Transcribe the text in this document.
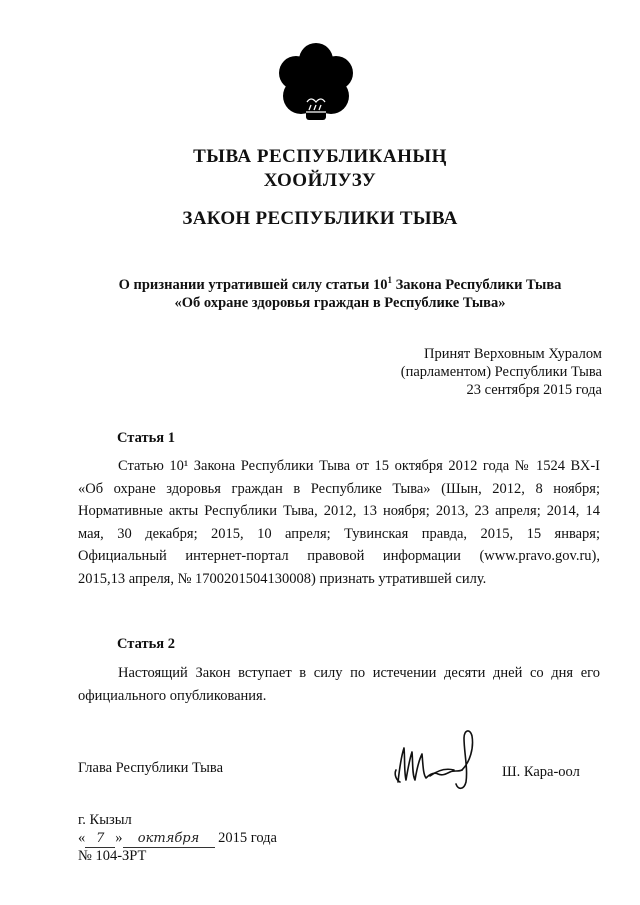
ТЫВА РЕСПУБЛИКАНЫҢ
ХООЙЛУЗУ
ЗАКОН РЕСПУБЛИКИ ТЫВА
О признании утратившей силу статьи $10^1$ Закона Республики Тыва
«Об охране здоровья граждан в Республике Тыва»
Принят Верховным Хуралом
(парламентом) Республики Тыва
23 сентября 2015 года
Статья 1
Статью 10¹ Закона Республики Тыва от 15 октября 2012 года № 1524 ВХ-I
«Об охране здоровья граждан в Республике Тыва» (Шын, 2012, 8 ноября;
Нормативные акты Республики Тыва, 2012, 13 ноября; 2013, 23 апреля; 2014, 14
мая, 30 декабря; 2015, 10 апреля; Тувинская правда, 2015, 15 января;
Официальный интернет-портал правовой информации (www.pravo.gov.ru),
2015,13 апреля, № 1700201504130008) признать утратившей силу.
Статья 2
Настоящий Закон вступает в силу по истечении десяти дней со дня его
официального опубликования.
Глава Республики Тыва	Ш. Кара-оол
г. Кызыл
« 7 » октября 2015 года
№ 104-ЗРТ
